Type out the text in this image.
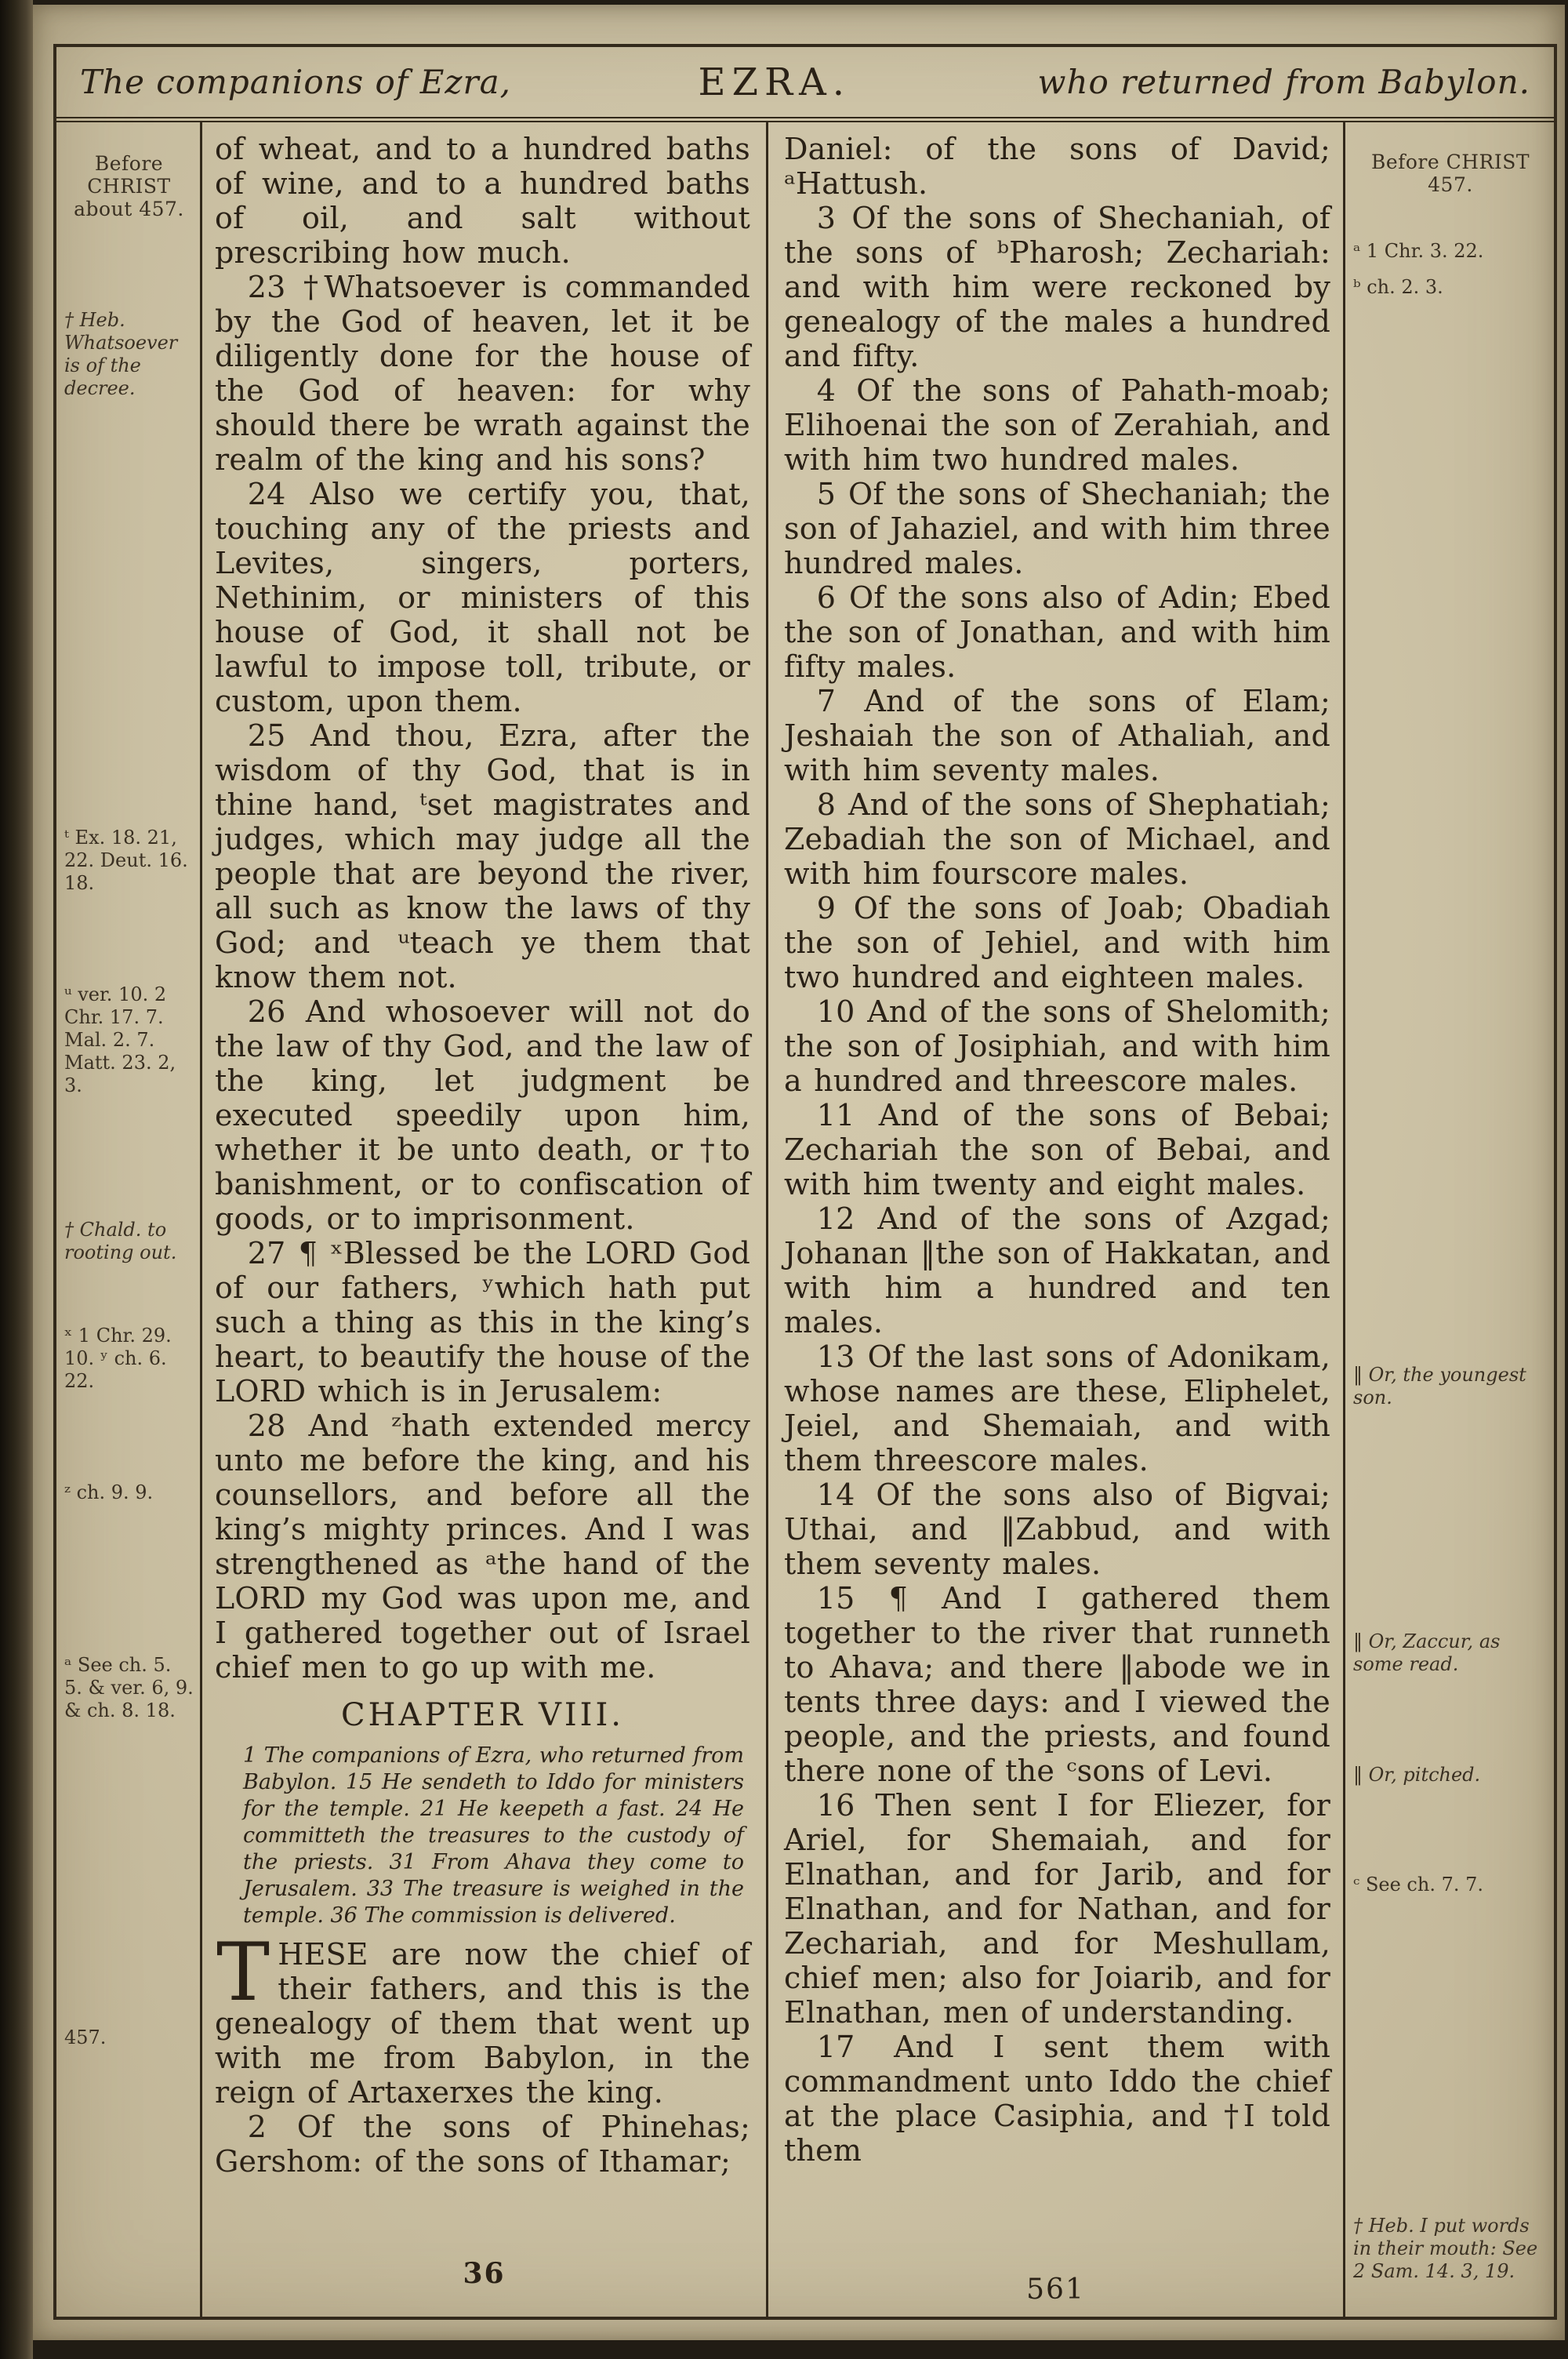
The companions of Ezra,	EZRA.	who returned from Babylon.
Before CHRIST about 457.
† Heb. Whatsoever is of the decree.
ᵗ Ex. 18. 21, 22. Deut. 16. 18.
ᵘ ver. 10. 2 Chr. 17. 7. Mal. 2. 7. Matt. 23. 2, 3.
† Chald. to rooting out.
ˣ 1 Chr. 29. 10. ʸ ch. 6. 22.
ᶻ ch. 9. 9.
ᵃ See ch. 5. 5. & ver. 6, 9. & ch. 8. 18.
457.

of wheat, and to a hundred baths of wine, and to a hundred baths of oil, and salt without prescribing how much.

23 †Whatsoever is commanded by the God of heaven, let it be diligently done for the house of the God of heaven: for why should there be wrath against the realm of the king and his sons?

24 Also we certify you, that, touching any of the priests and Levites, singers, porters, Nethinim, or ministers of this house of God, it shall not be lawful to impose toll, tribute, or custom, upon them.

25 And thou, Ezra, after the wisdom of thy God, that is in thine hand, ᵗset magistrates and judges, which may judge all the people that are beyond the river, all such as know the laws of thy God; and ᵘteach ye them that know them not.

26 And whosoever will not do the law of thy God, and the law of the king, let judgment be executed speedily upon him, whether it be unto death, or †to banishment, or to confiscation of goods, or to imprisonment.

27 ¶ ˣBlessed be the LORD God of our fathers, ʸwhich hath put such a thing as this in the king’s heart, to beautify the house of the LORD which is in Jerusalem:

28 And ᶻhath extended mercy unto me before the king, and his counsellors, and before all the king’s mighty princes. And I was strengthened as ᵃthe hand of the LORD my God was upon me, and I gathered together out of Israel chief men to go up with me.

CHAPTER VIII.

1 The companions of Ezra, who returned from Babylon. 15 He sendeth to Iddo for ministers for the temple. 21 He keepeth a fast. 24 He committeth the treasures to the custody of the priests. 31 From Ahava they come to Jerusalem. 33 The treasure is weighed in the temple. 36 The commission is delivered.

THESE are now the chief of their fathers, and this is the genealogy of them that went up with me from Babylon, in the reign of Artaxerxes the king.

2 Of the sons of Phinehas; Gershom: of the sons of Ithamar;

36

Daniel: of the sons of David; ᵃHattush.

3 Of the sons of Shechaniah, of the sons of ᵇPharosh; Zechariah: and with him were reckoned by genealogy of the males a hundred and fifty.

4 Of the sons of Pahath-moab; Elihoenai the son of Zerahiah, and with him two hundred males.

5 Of the sons of Shechaniah; the son of Jahaziel, and with him three hundred males.

6 Of the sons also of Adin; Ebed the son of Jonathan, and with him fifty males.

7 And of the sons of Elam; Jeshaiah the son of Athaliah, and with him seventy males.

8 And of the sons of Shephatiah; Zebadiah the son of Michael, and with him fourscore males.

9 Of the sons of Joab; Obadiah the son of Jehiel, and with him two hundred and eighteen males.

10 And of the sons of Shelomith; the son of Josiphiah, and with him a hundred and threescore males.

11 And of the sons of Bebai; Zechariah the son of Bebai, and with him twenty and eight males.

12 And of the sons of Azgad; Johanan ‖the son of Hakkatan, and with him a hundred and ten males.

13 Of the last sons of Adonikam, whose names are these, Eliphelet, Jeiel, and Shemaiah, and with them threescore males.

14 Of the sons also of Bigvai; Uthai, and ‖Zabbud, and with them seventy males.

15 ¶ And I gathered them together to the river that runneth to Ahava; and there ‖abode we in tents three days: and I viewed the people, and the priests, and found there none of the ᶜsons of Levi.

16 Then sent I for Eliezer, for Ariel, for Shemaiah, and for Elnathan, and for Jarib, and for Elnathan, and for Nathan, and for Zechariah, and for Meshullam, chief men; also for Joiarib, and for Elnathan, men of understanding.

17 And I sent them with commandment unto Iddo the chief at the place Casiphia, and †I told them

561
Before CHRIST 457.
ᵃ 1 Chr. 3. 22.
ᵇ ch. 2. 3.
‖ Or, the youngest son.
‖ Or, Zaccur, as some read.
‖ Or, pitched.
ᶜ See ch. 7. 7.
† Heb. I put words in their mouth: See 2 Sam. 14. 3, 19.
